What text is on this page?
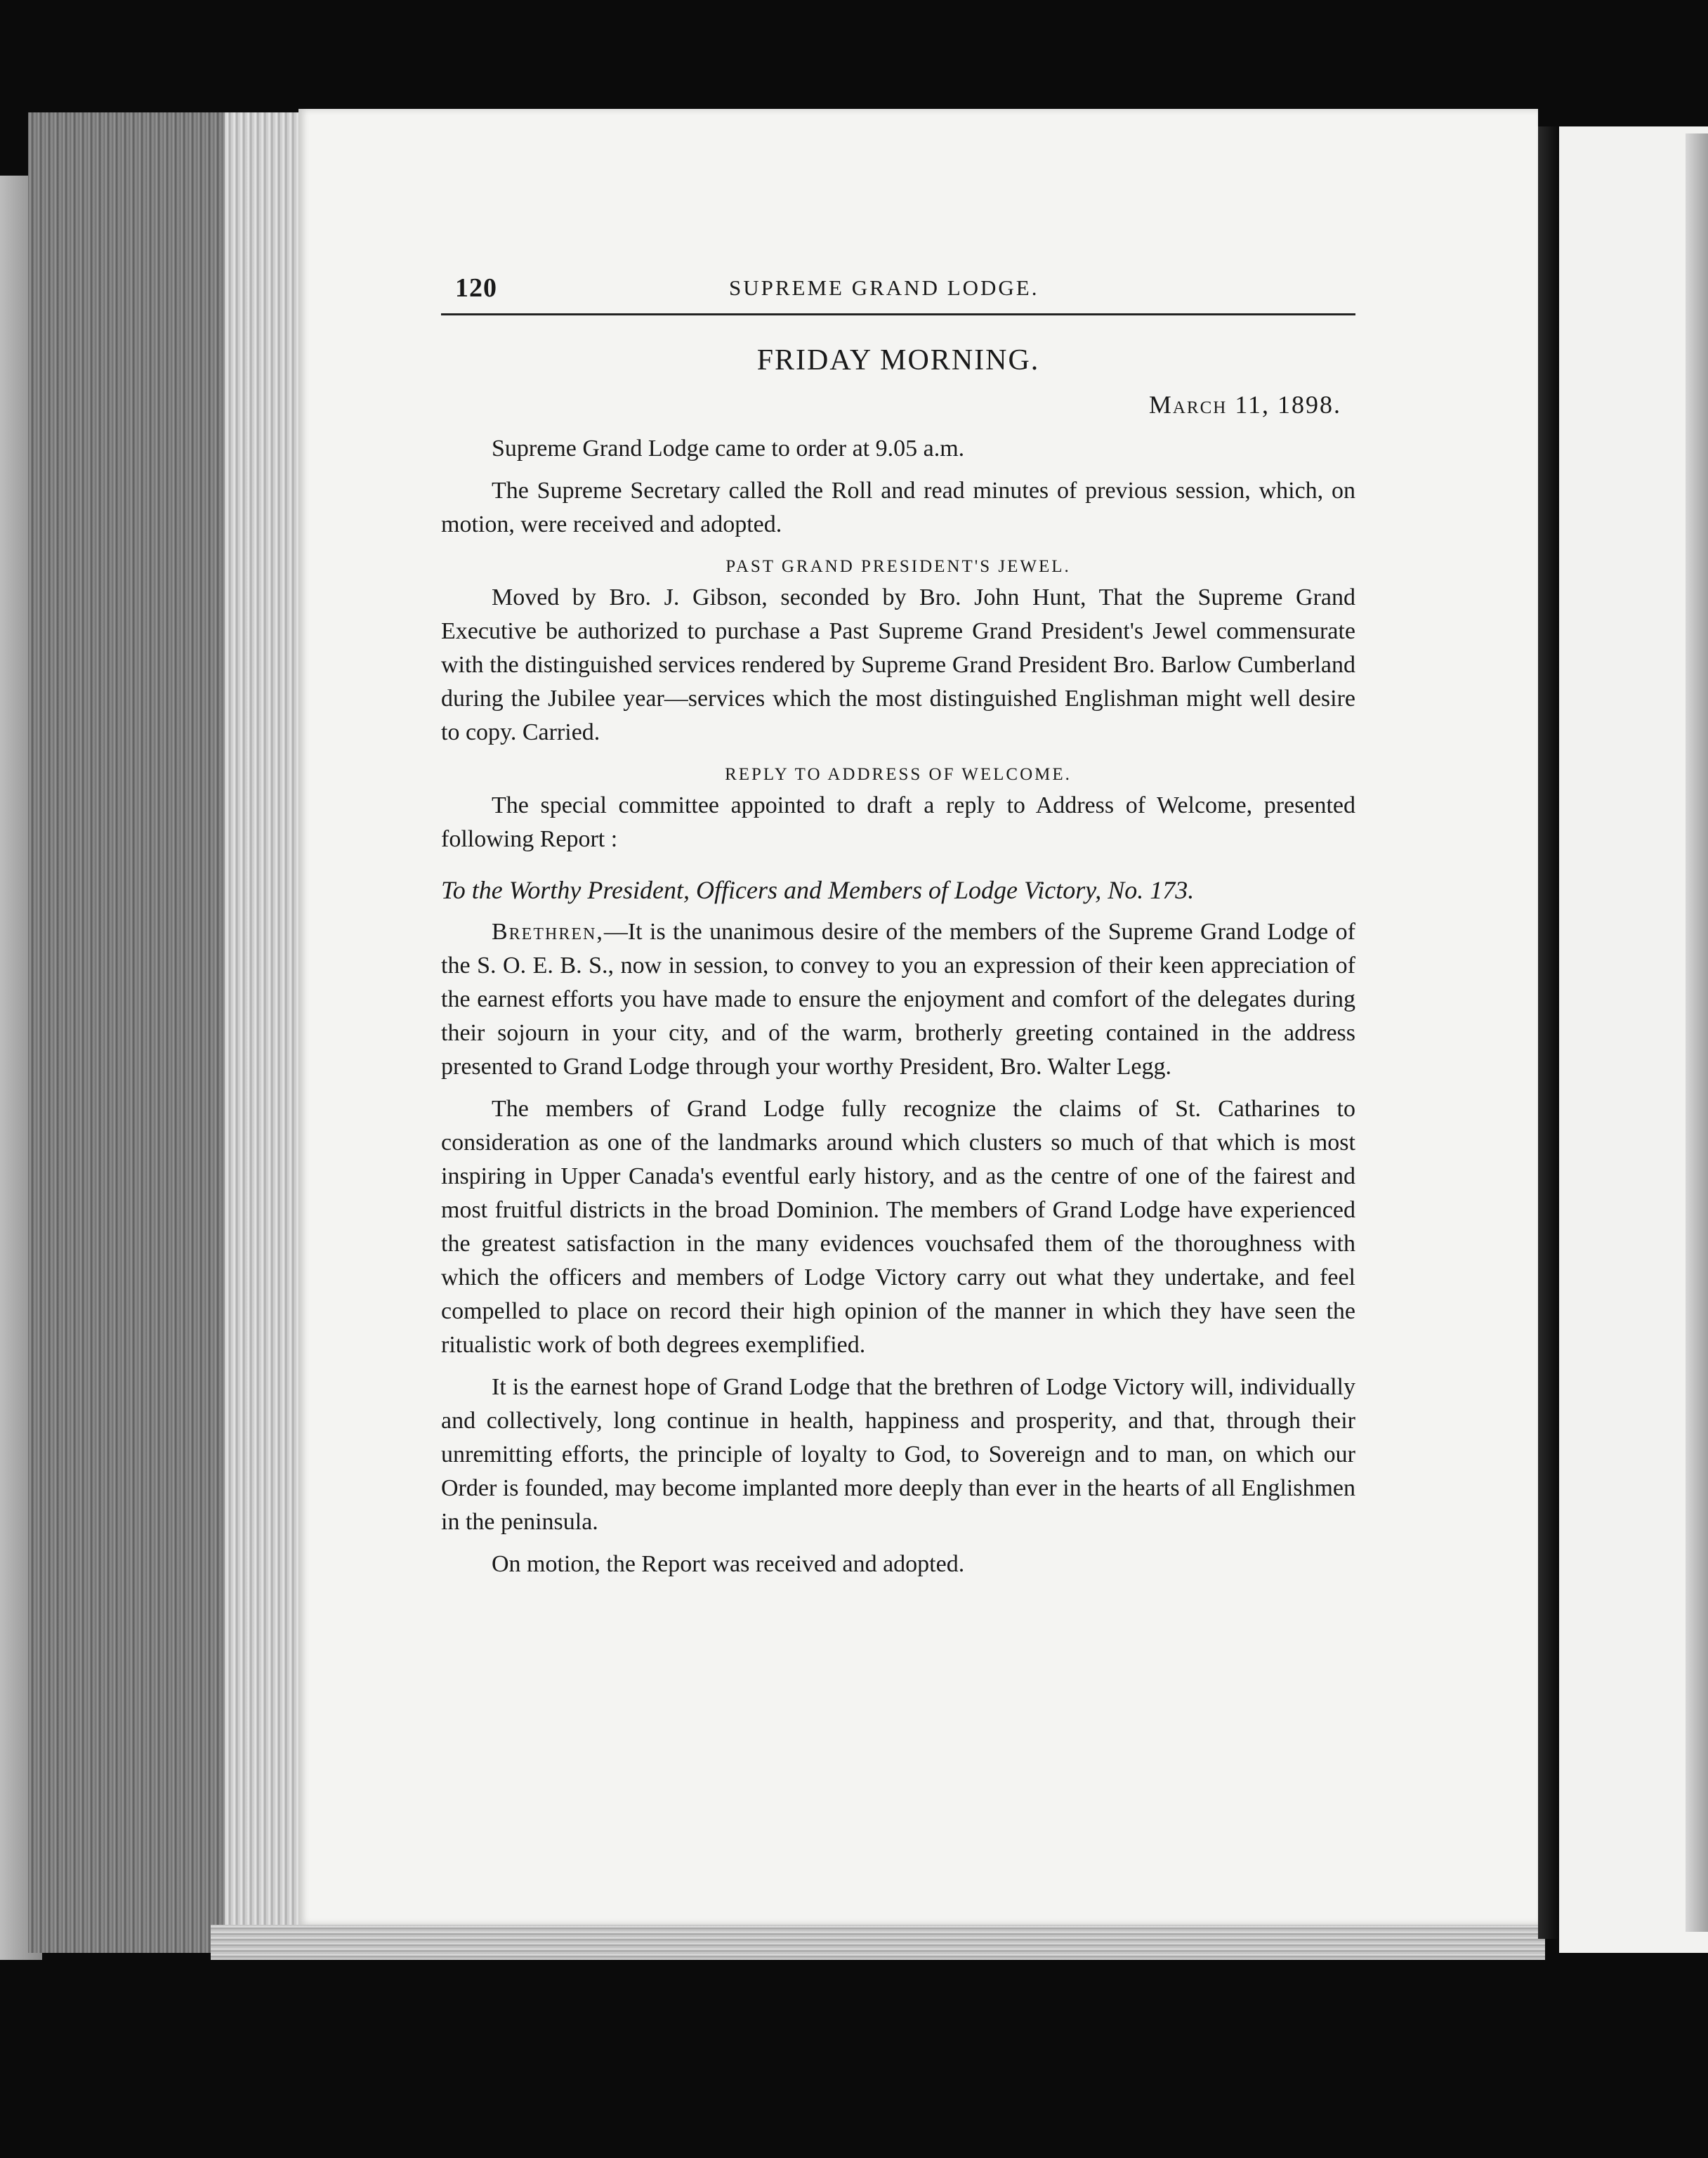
120	SUPREME GRAND LODGE.
FRIDAY MORNING.
March 11, 1898.

Supreme Grand Lodge came to order at 9.05 a.m.

The Supreme Secretary called the Roll and read minutes of previous session, which, on motion, were received and adopted.

PAST GRAND PRESIDENT'S JEWEL.

Moved by Bro. J. Gibson, seconded by Bro. John Hunt, That the Supreme Grand Executive be authorized to purchase a Past Supreme Grand President's Jewel commensurate with the distinguished services rendered by Supreme Grand President Bro. Barlow Cumberland during the Jubilee year—services which the most distinguished Englishman might well desire to copy. Carried.

REPLY TO ADDRESS OF WELCOME.

The special committee appointed to draft a reply to Address of Welcome, presented following Report :

To the Worthy President, Officers and Members of Lodge Victory, No. 173.

Brethren,—It is the unanimous desire of the members of the Supreme Grand Lodge of the S. O. E. B. S., now in session, to convey to you an expression of their keen appreciation of the earnest efforts you have made to ensure the enjoyment and comfort of the delegates during their sojourn in your city, and of the warm, brotherly greeting contained in the address presented to Grand Lodge through your worthy President, Bro. Walter Legg.

The members of Grand Lodge fully recognize the claims of St. Catharines to consideration as one of the landmarks around which clusters so much of that which is most inspiring in Upper Canada's eventful early history, and as the centre of one of the fairest and most fruitful districts in the broad Dominion. The members of Grand Lodge have experienced the greatest satisfaction in the many evidences vouchsafed them of the thoroughness with which the officers and members of Lodge Victory carry out what they undertake, and feel compelled to place on record their high opinion of the manner in which they have seen the ritualistic work of both degrees exemplified.

It is the earnest hope of Grand Lodge that the brethren of Lodge Victory will, individually and collectively, long continue in health, happiness and prosperity, and that, through their unremitting efforts, the principle of loyalty to God, to Sovereign and to man, on which our Order is founded, may become implanted more deeply than ever in the hearts of all Englishmen in the peninsula.

On motion, the Report was received and adopted.
